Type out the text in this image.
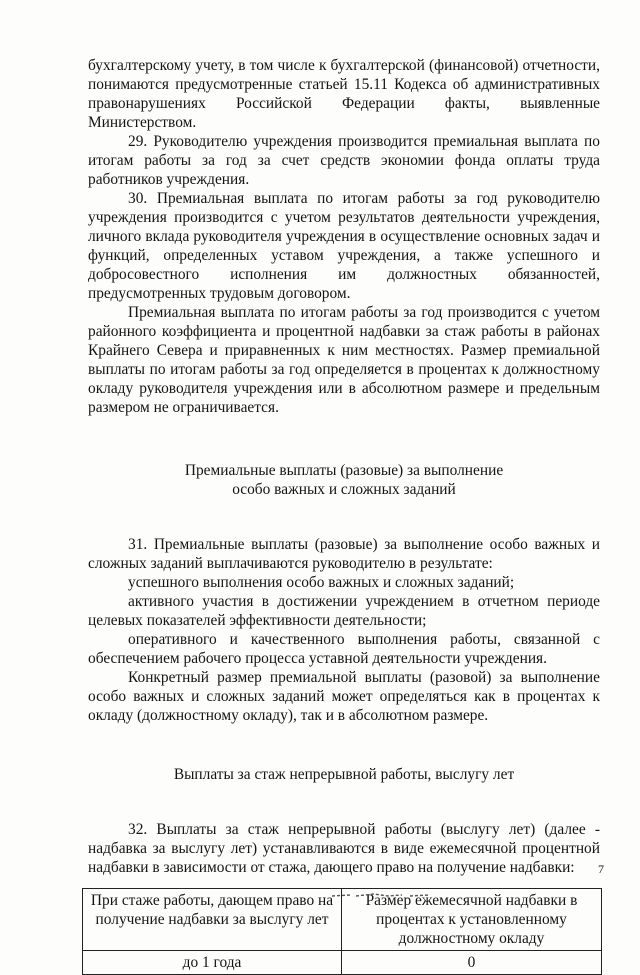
бухгалтерскому учету, в том числе к бухгалтерской (финансовой) отчетности, понимаются предусмотренные статьей 15.11 Кодекса об административных правонарушениях Российской Федерации факты, выявленные Министерством.

29. Руководителю учреждения производится премиальная выплата по итогам работы за год за счет средств экономии фонда оплаты труда работников учреждения.

30. Премиальная выплата по итогам работы за год руководителю учреждения производится с учетом результатов деятельности учреждения, личного вклада руководителя учреждения в осуществление основных задач и функций, определенных уставом учреждения, а также успешного и добросовестного исполнения им должностных обязанностей, предусмотренных трудовым договором.

Премиальная выплата по итогам работы за год производится с учетом районного коэффициента и процентной надбавки за стаж работы в районах Крайнего Севера и приравненных к ним местностях. Размер премиальной выплаты по итогам работы за год определяется в процентах к должностному окладу руководителя учреждения или в абсолютном размере и предельным размером не ограничивается.

Премиальные выплаты (разовые) за выполнение
особо важных и сложных заданий

31. Премиальные выплаты (разовые) за выполнение особо важных и сложных заданий выплачиваются руководителю в результате:

успешного выполнения особо важных и сложных заданий;

активного участия в достижении учреждением в отчетном периоде целевых показателей эффективности деятельности;

оперативного и качественного выполнения работы, связанной с обеспечением рабочего процесса уставной деятельности учреждения.

Конкретный размер премиальной выплаты (разовой) за выполнение особо важных и сложных заданий может определяться как в процентах к окладу (должностному окладу), так и в абсолютном размере.

Выплаты за стаж непрерывной работы, выслугу лет

32. Выплаты за стаж непрерывной работы (выслугу лет) (далее - надбавка за выслугу лет) устанавливаются в виде ежемесячной процентной надбавки в зависимости от стажа, дающего право на получение надбавки:

При стаже работы, дающем право на получение надбавки за выслугу лет	Размер ежемесячной надбавки в процентах к установленному должностному окладу
до 1 года	0
7
